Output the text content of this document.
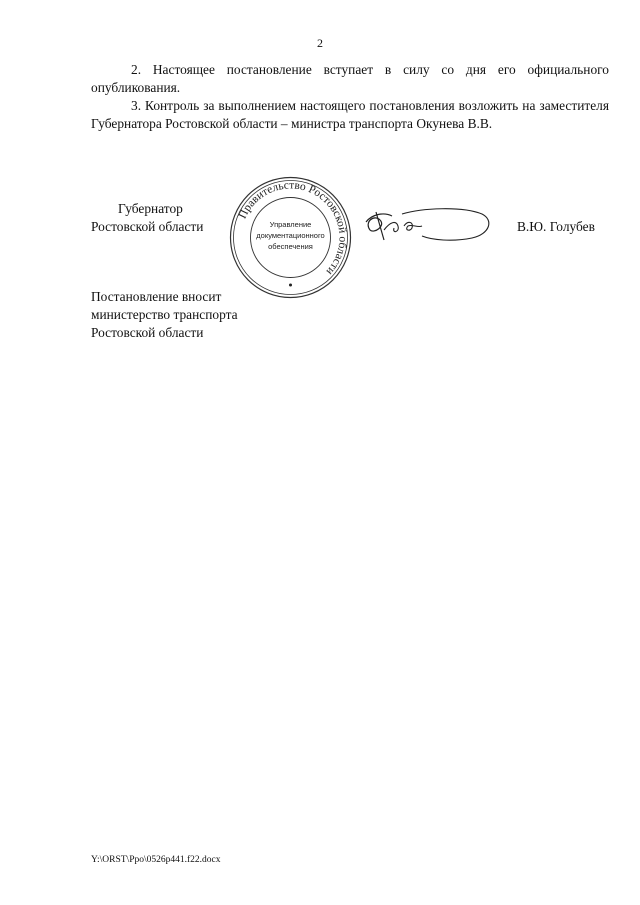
2

2. Настоящее постановление вступает в силу со дня его официального опубликования.

3. Контроль за выполнением настоящего постановления возложить на заместителя Губернатора Ростовской области – министра транспорта Окунева В.В.

Губернатор
Ростовской области	В.Ю. Голубев
Правительство Ростовской области
Управление
документационного
обеспечения
Постановление вносит
министерство транспорта
Ростовской области
Y:\ORST\Ppo\0526p441.f22.docx
